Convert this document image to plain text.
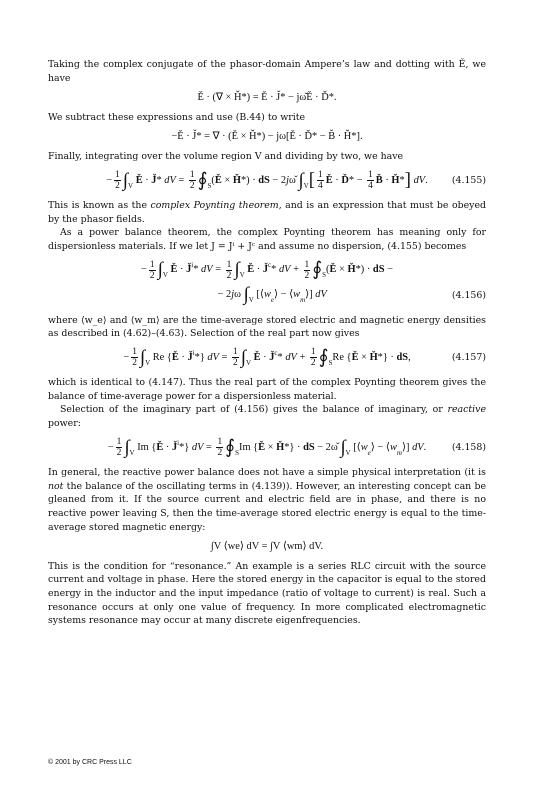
Taking the complex conjugate of the phasor-domain Ampere’s law and dotting with Ě, we have

Ě · (∇ × Ȟ*) = Ě · J̌* − jω̌Ě · Ď*.

We subtract these expressions and use (B.44) to write

−Ě · J̌* = ∇ · (Ě × Ȟ*) − jω[Ě · Ď* − B̌ · Ȟ*].

Finally, integrating over the volume region V and dividing by two, we have

− $\frac{1}{2} \int_V$ Ě · J̌* dV = $\frac{1}{2}$ $∮_S(Ě$ × Ȟ*) · dS − 2jω̌ $\int_V[ \frac{1}{4}$ Ě · Ď* − $\frac{1}{4}$ B̌ · Ȟ*] dV.	(4.155)

This is known as the complex Poynting theorem, and is an expression that must be obeyed by the phasor fields.

As a power balance theorem, the complex Poynting theorem has meaning only for dispersionless materials. If we let J = Jⁱ + Jᶜ and assume no dispersion, (4.155) becomes

− $\frac{1}{2} \int_V$ Ě · J̌$^i$* dV = $\frac{1}{2} \int_V$ Ě · J̌$^c$* dV + $\frac{1}{2}$ $∮_S(Ě$ × Ȟ*) · dS −
− 2jω $\int_V$ [$⟨w_e⟩$ − $⟨w_m⟩$] dV	(4.156)

where ⟨w_e⟩ and ⟨w_m⟩ are the time-average stored electric and magnetic energy densities as described in (4.62)–(4.63). Selection of the real part now gives

− $\frac{1}{2} \int_V$ Re {Ě · J̌$^i$*} dV = $\frac{1}{2} \int_V$ Ě · J̌$^c$* dV + $\frac{1}{2}$ $∮_SRe$ {Ě × Ȟ*} · dS,	(4.157)

which is identical to (4.147). Thus the real part of the complex Poynting theorem gives the balance of time-average power for a dispersionless material.

Selection of the imaginary part of (4.156) gives the balance of imaginary, or reactive power:

− $\frac{1}{2} \int_V$ Im {Ě · J̌$^i$*} dV = $\frac{1}{2}$ $∮_SIm$ {Ě × Ȟ*} · dS − 2ω̌ $\int_V$ [$⟨w_e⟩$ − $⟨w_m⟩$] dV.	(4.158)

In general, the reactive power balance does not have a simple physical interpretation (it is not the balance of the oscillating terms in (4.139)). However, an interesting concept can be gleaned from it. If the source current and electric field are in phase, and there is no reactive power leaving S, then the time-average stored electric energy is equal to the time-average stored magnetic energy:

∫V ⟨we⟩ dV = ∫V ⟨wm⟩ dV.

This is the condition for “resonance.” An example is a series RLC circuit with the source current and voltage in phase. Here the stored energy in the capacitor is equal to the stored energy in the inductor and the input impedance (ratio of voltage to current) is real. Such a resonance occurs at only one value of frequency. In more complicated electromagnetic systems resonance may occur at many discrete eigenfrequencies.

© 2001 by CRC Press LLC
